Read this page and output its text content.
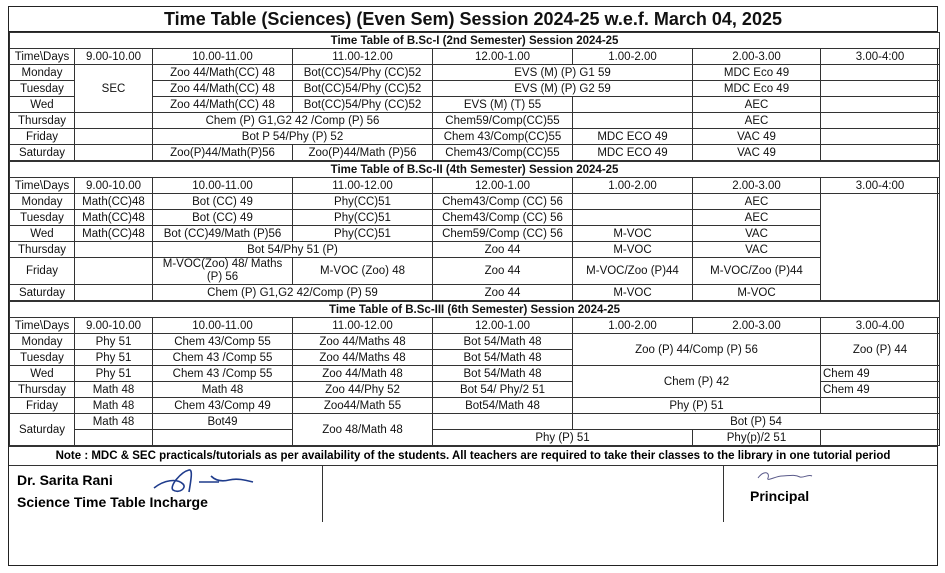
Time Table (Sciences) (Even Sem) Session 2024-25 w.e.f. March 04, 2025
Time Table of B.Sc-I (2nd Semester) Session 2024-25							
Time\Days	9.00-10.00	10.00-11.00	11.00-12.00	12.00-1.00	1.00-2.00	2.00-3.00	3.00-4:00
Monday	SEC	Zoo 44/Math(CC) 48	Bot(CC)54/Phy (CC)52	EVS (M) (P) G1 59		MDC Eco 49	
Tuesday		Zoo 44/Math(CC) 48	Bot(CC)54/Phy (CC)52	EVS (M) (P) G2 59		MDC Eco 49	
Wed		Zoo 44/Math(CC) 48	Bot(CC)54/Phy (CC)52	EVS (M) (T) 55		AEC	
Thursday		Chem (P) G1,G2 42 /Comp (P) 56		Chem59/Comp(CC)55		AEC	
Friday		Bot P 54/Phy (P) 52		Chem 43/Comp(CC)55	MDC ECO 49	VAC 49	
Saturday		Zoo(P)44/Math(P)56	Zoo(P)44/Math (P)56	Chem43/Comp(CC)55	MDC ECO 49	VAC 49	
Time Table of B.Sc-II (4th Semester) Session 2024-25							
Time\Days	9.00-10.00	10.00-11.00	11.00-12.00	12.00-1.00	1.00-2.00	2.00-3.00	3.00-4:00
Monday	Math(CC)48	Bot (CC) 49	Phy(CC)51	Chem43/Comp (CC) 56		AEC	
Tuesday	Math(CC)48	Bot (CC) 49	Phy(CC)51	Chem43/Comp (CC) 56		AEC	
Wed	Math(CC)48	Bot (CC)49/Math (P)56	Phy(CC)51	Chem59/Comp (CC) 56	M-VOC	VAC	
Thursday		Bot 54/Phy 51 (P)		Zoo 44	M-VOC	VAC	
Friday		M-VOC(Zoo) 48/ Maths (P) 56	M-VOC (Zoo) 48	Zoo 44	M-VOC/Zoo (P)44	M-VOC/Zoo (P)44	
Saturday		Chem (P) G1,G2 42/Comp (P) 59		Zoo 44	M-VOC	M-VOC	
Time Table of B.Sc-III (6th Semester) Session 2024-25							
Time\Days	9.00-10.00	10.00-11.00	11.00-12.00	12.00-1.00	1.00-2.00	2.00-3.00	3.00-4.00
Monday	Phy 51	Chem 43/Comp 55	Zoo 44/Maths 48	Bot 54/Math 48	Zoo (P) 44/Comp (P) 56		Zoo (P) 44
Tuesday	Phy 51	Chem 43 /Comp 55	Zoo 44/Maths 48	Bot 54/Math 48			
Wed	Phy 51	Chem 43 /Comp 55	Zoo 44/Math 48	Bot 54/Math 48	Chem (P) 42		Chem 49
Thursday	Math 48	Math 48	Zoo 44/Phy 52	Bot 54/ Phy/2 51			Chem 49
Friday	Math 48	Chem 43/Comp 49	Zoo44/Math 55	Bot54/Math 48	Phy (P) 51		
Saturday	Math 48	Bot49	Zoo 48/Math 48		Bot (P) 54		
				Phy (P) 51		Phy(p)/2 51	
Note : MDC & SEC practicals/tutorials as per availability of the students. All teachers are required to take their classes to the library in one tutorial period
Dr. Sarita Rani
Science Time Table Incharge	Principal
